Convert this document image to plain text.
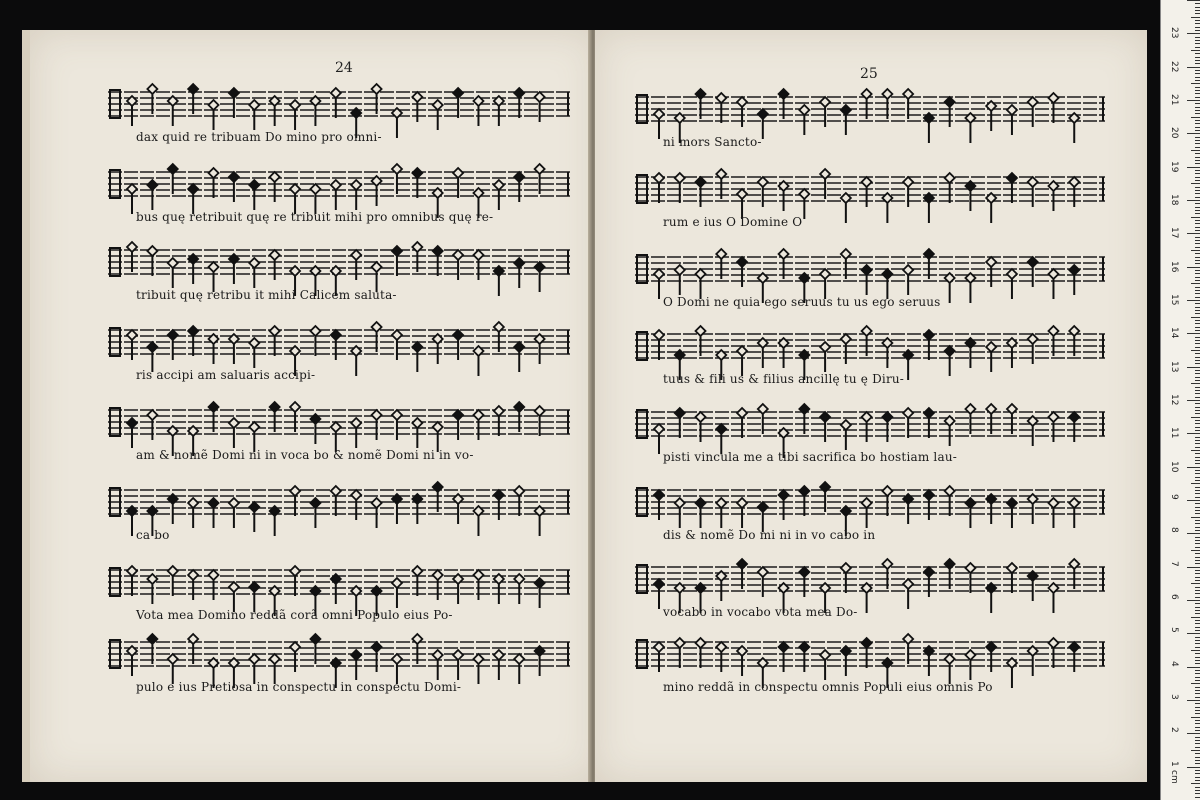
24
dax quid re tribuam Do mino pro omni-
bus quę retribuit quę re tribuit mihi pro omnibus quę re-
tribuit quę retribu it mihi Calicem saluta-
ris accipi am saluaris accipi-
am & nomẽ Domi ni in voca bo & nomẽ Domi ni in vo-
ca bo
Vota mea Domino reddã corã omni Populo eius Po-
pulo e ius Pretiosa in conspectu in conspectu Domi-
25
ni mors Sancto-
rum e ius O Domine O
O Domi ne quia ego seruus tu us ego seruus
tuus & fili us & filius ancillę tu ę Diru-
pisti vincula me a tibi sacrifica bo hostiam lau-
dis & nomẽ Do mi ni in vo cabo in
vocabo in vocabo vota mea Do-
mino reddã in conspectu omnis Populi eius omnis Po
23
22
21
20
19
18
17
16
15
14
13
12
11
10
9
8
7
6
5
4
3
2
1
cm
